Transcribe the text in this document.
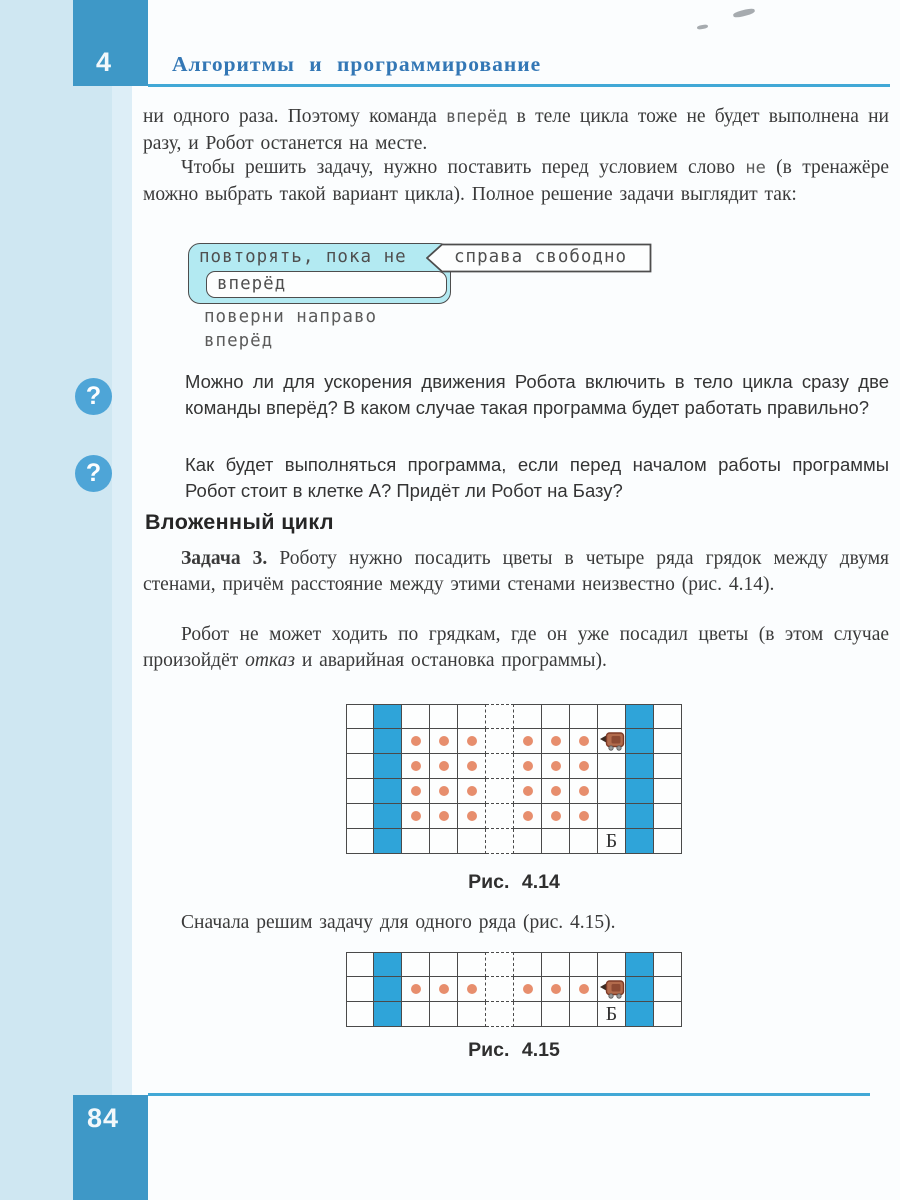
4	Алгоритмы и программирование
ни одного раза. Поэтому команда вперёд в теле цикла тоже не будет выполнена ни разу, и Робот останется на месте.
Чтобы решить задачу, нужно поставить перед условием слово не (в тренажёре можно выбрать такой вариант цикла). Полное решение задачи выглядит так:
повторять, пока не	справа свободно
вперёд
поверни направо
вперёд
?
Можно ли для ускорения движения Робота включить в тело цикла сразу две команды вперёд? В каком случае такая программа будет работать правильно?
?	Как будет выполняться программа, если перед началом работы программы Робот стоит в клетке А? Придёт ли Робот на Базу?
Вложенный цикл
Задача 3. Роботу нужно посадить цветы в четыре ряда грядок между двумя стенами, причём расстояние между этими стенами неизвестно (рис. 4.14).
Робот не может ходить по грядкам, где он уже посадил цветы (в этом случае произойдёт отказ и аварийная остановка программы).
Б
Рис. 4.14
Сначала решим задачу для одного ряда (рис. 4.15).
Б
Рис. 4.15
84
